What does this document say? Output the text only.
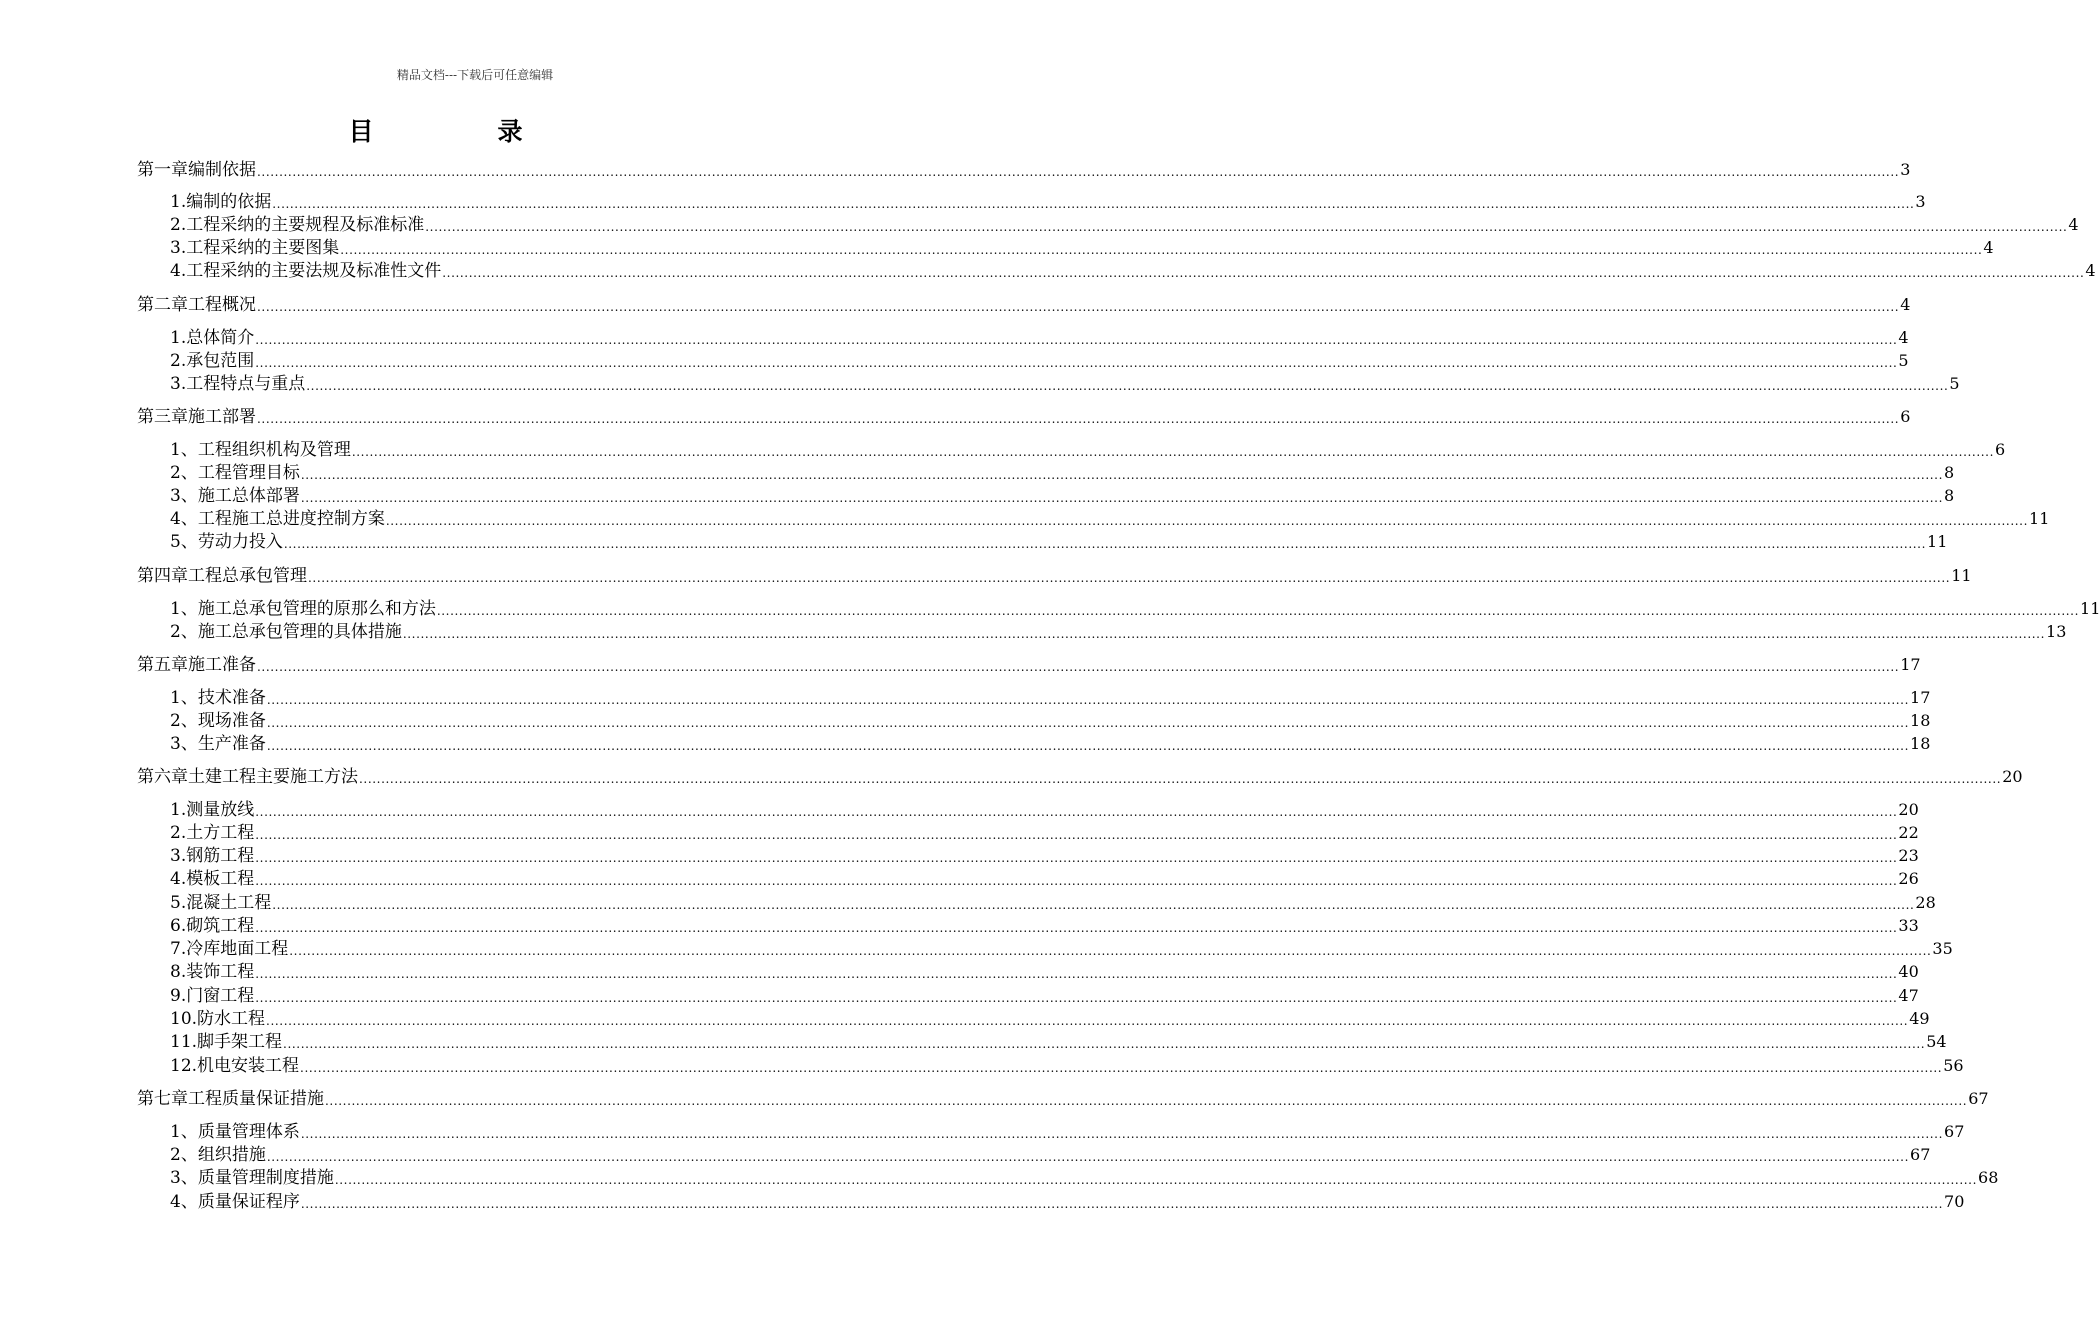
精品文档---下载后可任意编辑
目录
第一章 编制依据 .................................................................................................................................................................................................................................................................................................................................................................................... 3
1. 编制的依据 .................................................................................................................................................................................................................................................................................................................................................................................... 3
2. 工程采纳的主要规程及标准标准 .................................................................................................................................................................................................................................................................................................................................................................................... 4
3. 工程采纳的主要图集 .................................................................................................................................................................................................................................................................................................................................................................................... 4
4. 工程采纳的主要法规及标准性文件 .................................................................................................................................................................................................................................................................................................................................................................................... 4
第二章 工程概况 .................................................................................................................................................................................................................................................................................................................................................................................... 4
1. 总体简介 .................................................................................................................................................................................................................................................................................................................................................................................... 4
2. 承包范围 .................................................................................................................................................................................................................................................................................................................................................................................... 5
3. 工程特点与重点 .................................................................................................................................................................................................................................................................................................................................................................................... 5
第三章 施工部署 .................................................................................................................................................................................................................................................................................................................................................................................... 6
1、 工程组织机构及管理 .................................................................................................................................................................................................................................................................................................................................................................................... 6
2、 工程管理目标 .................................................................................................................................................................................................................................................................................................................................................................................... 8
3、 施工总体部署 .................................................................................................................................................................................................................................................................................................................................................................................... 8
4、 工程施工总进度控制方案 .................................................................................................................................................................................................................................................................................................................................................................................... 11
5、 劳动力投入 .................................................................................................................................................................................................................................................................................................................................................................................... 11
第四章 工程总承包管理 .................................................................................................................................................................................................................................................................................................................................................................................... 11
1、 施工总承包管理的原那么和方法 .................................................................................................................................................................................................................................................................................................................................................................................... 11
2、 施工总承包管理的具体措施 .................................................................................................................................................................................................................................................................................................................................................................................... 13
第五章 施工准备 .................................................................................................................................................................................................................................................................................................................................................................................... 17
1、 技术准备 .................................................................................................................................................................................................................................................................................................................................................................................... 17
2、 现场准备 .................................................................................................................................................................................................................................................................................................................................................................................... 18
3、 生产准备 .................................................................................................................................................................................................................................................................................................................................................................................... 18
第六章 土建工程主要施工方法 .................................................................................................................................................................................................................................................................................................................................................................................... 20
1. 测量放线 .................................................................................................................................................................................................................................................................................................................................................................................... 20
2. 土方工程 .................................................................................................................................................................................................................................................................................................................................................................................... 22
3. 钢筋工程 .................................................................................................................................................................................................................................................................................................................................................................................... 23
4. 模板工程 .................................................................................................................................................................................................................................................................................................................................................................................... 26
5. 混凝土工程 .................................................................................................................................................................................................................................................................................................................................................................................... 28
6. 砌筑工程 .................................................................................................................................................................................................................................................................................................................................................................................... 33
7. 冷库地面工程 .................................................................................................................................................................................................................................................................................................................................................................................... 35
8. 装饰工程 .................................................................................................................................................................................................................................................................................................................................................................................... 40
9. 门窗工程 .................................................................................................................................................................................................................................................................................................................................................................................... 47
10. 防水工程 .................................................................................................................................................................................................................................................................................................................................................................................... 49
11. 脚手架工程 .................................................................................................................................................................................................................................................................................................................................................................................... 54
12. 机电安装工程 .................................................................................................................................................................................................................................................................................................................................................................................... 56
第七章 工程质量保证措施 .................................................................................................................................................................................................................................................................................................................................................................................... 67
1、 质量管理体系 .................................................................................................................................................................................................................................................................................................................................................................................... 67
2、 组织措施 .................................................................................................................................................................................................................................................................................................................................................................................... 67
3、 质量管理制度措施 .................................................................................................................................................................................................................................................................................................................................................................................... 68
4、 质量保证程序 .................................................................................................................................................................................................................................................................................................................................................................................... 70
